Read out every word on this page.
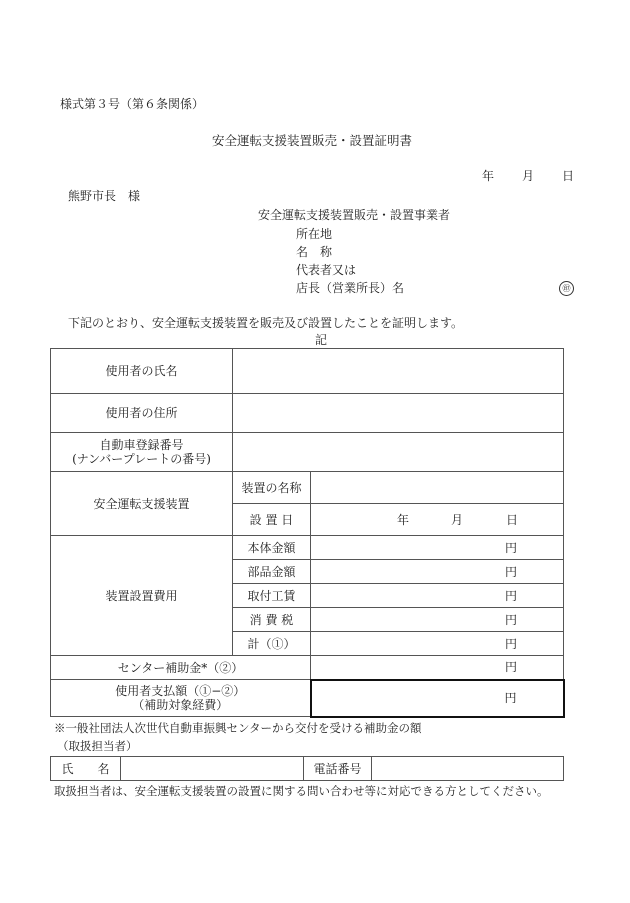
様式第３号（第６条関係）
安全運転支援装置販売・設置証明書
年 月 日
熊野市長　様
安全運転支援装置販売・設置事業者
所在地
名　称
代表者又は
店長（営業所長）名	㊞
下記のとおり、安全運転支援装置を販売及び設置したことを証明します。
記
使用者の氏名		
使用者の住所		

自動車登録番号
(ナンバープレートの番号)		

安全運転支援装置	装置の名称	
	設 置 日	年 月 日

装置設置費用	本体金額	円
	部品金額	円
	取付工賃	円
	消 費 税	円
	計（①）	円
センター補助金*（②）		円

使用者支払額（①−②）
（補助対象経費）		円
※一般社団法人次世代自動車振興センターから交付を受ける補助金の額
（取扱担当者）
氏　　名		電話番号	
取扱担当者は、安全運転支援装置の設置に関する問い合わせ等に対応できる方としてください。
